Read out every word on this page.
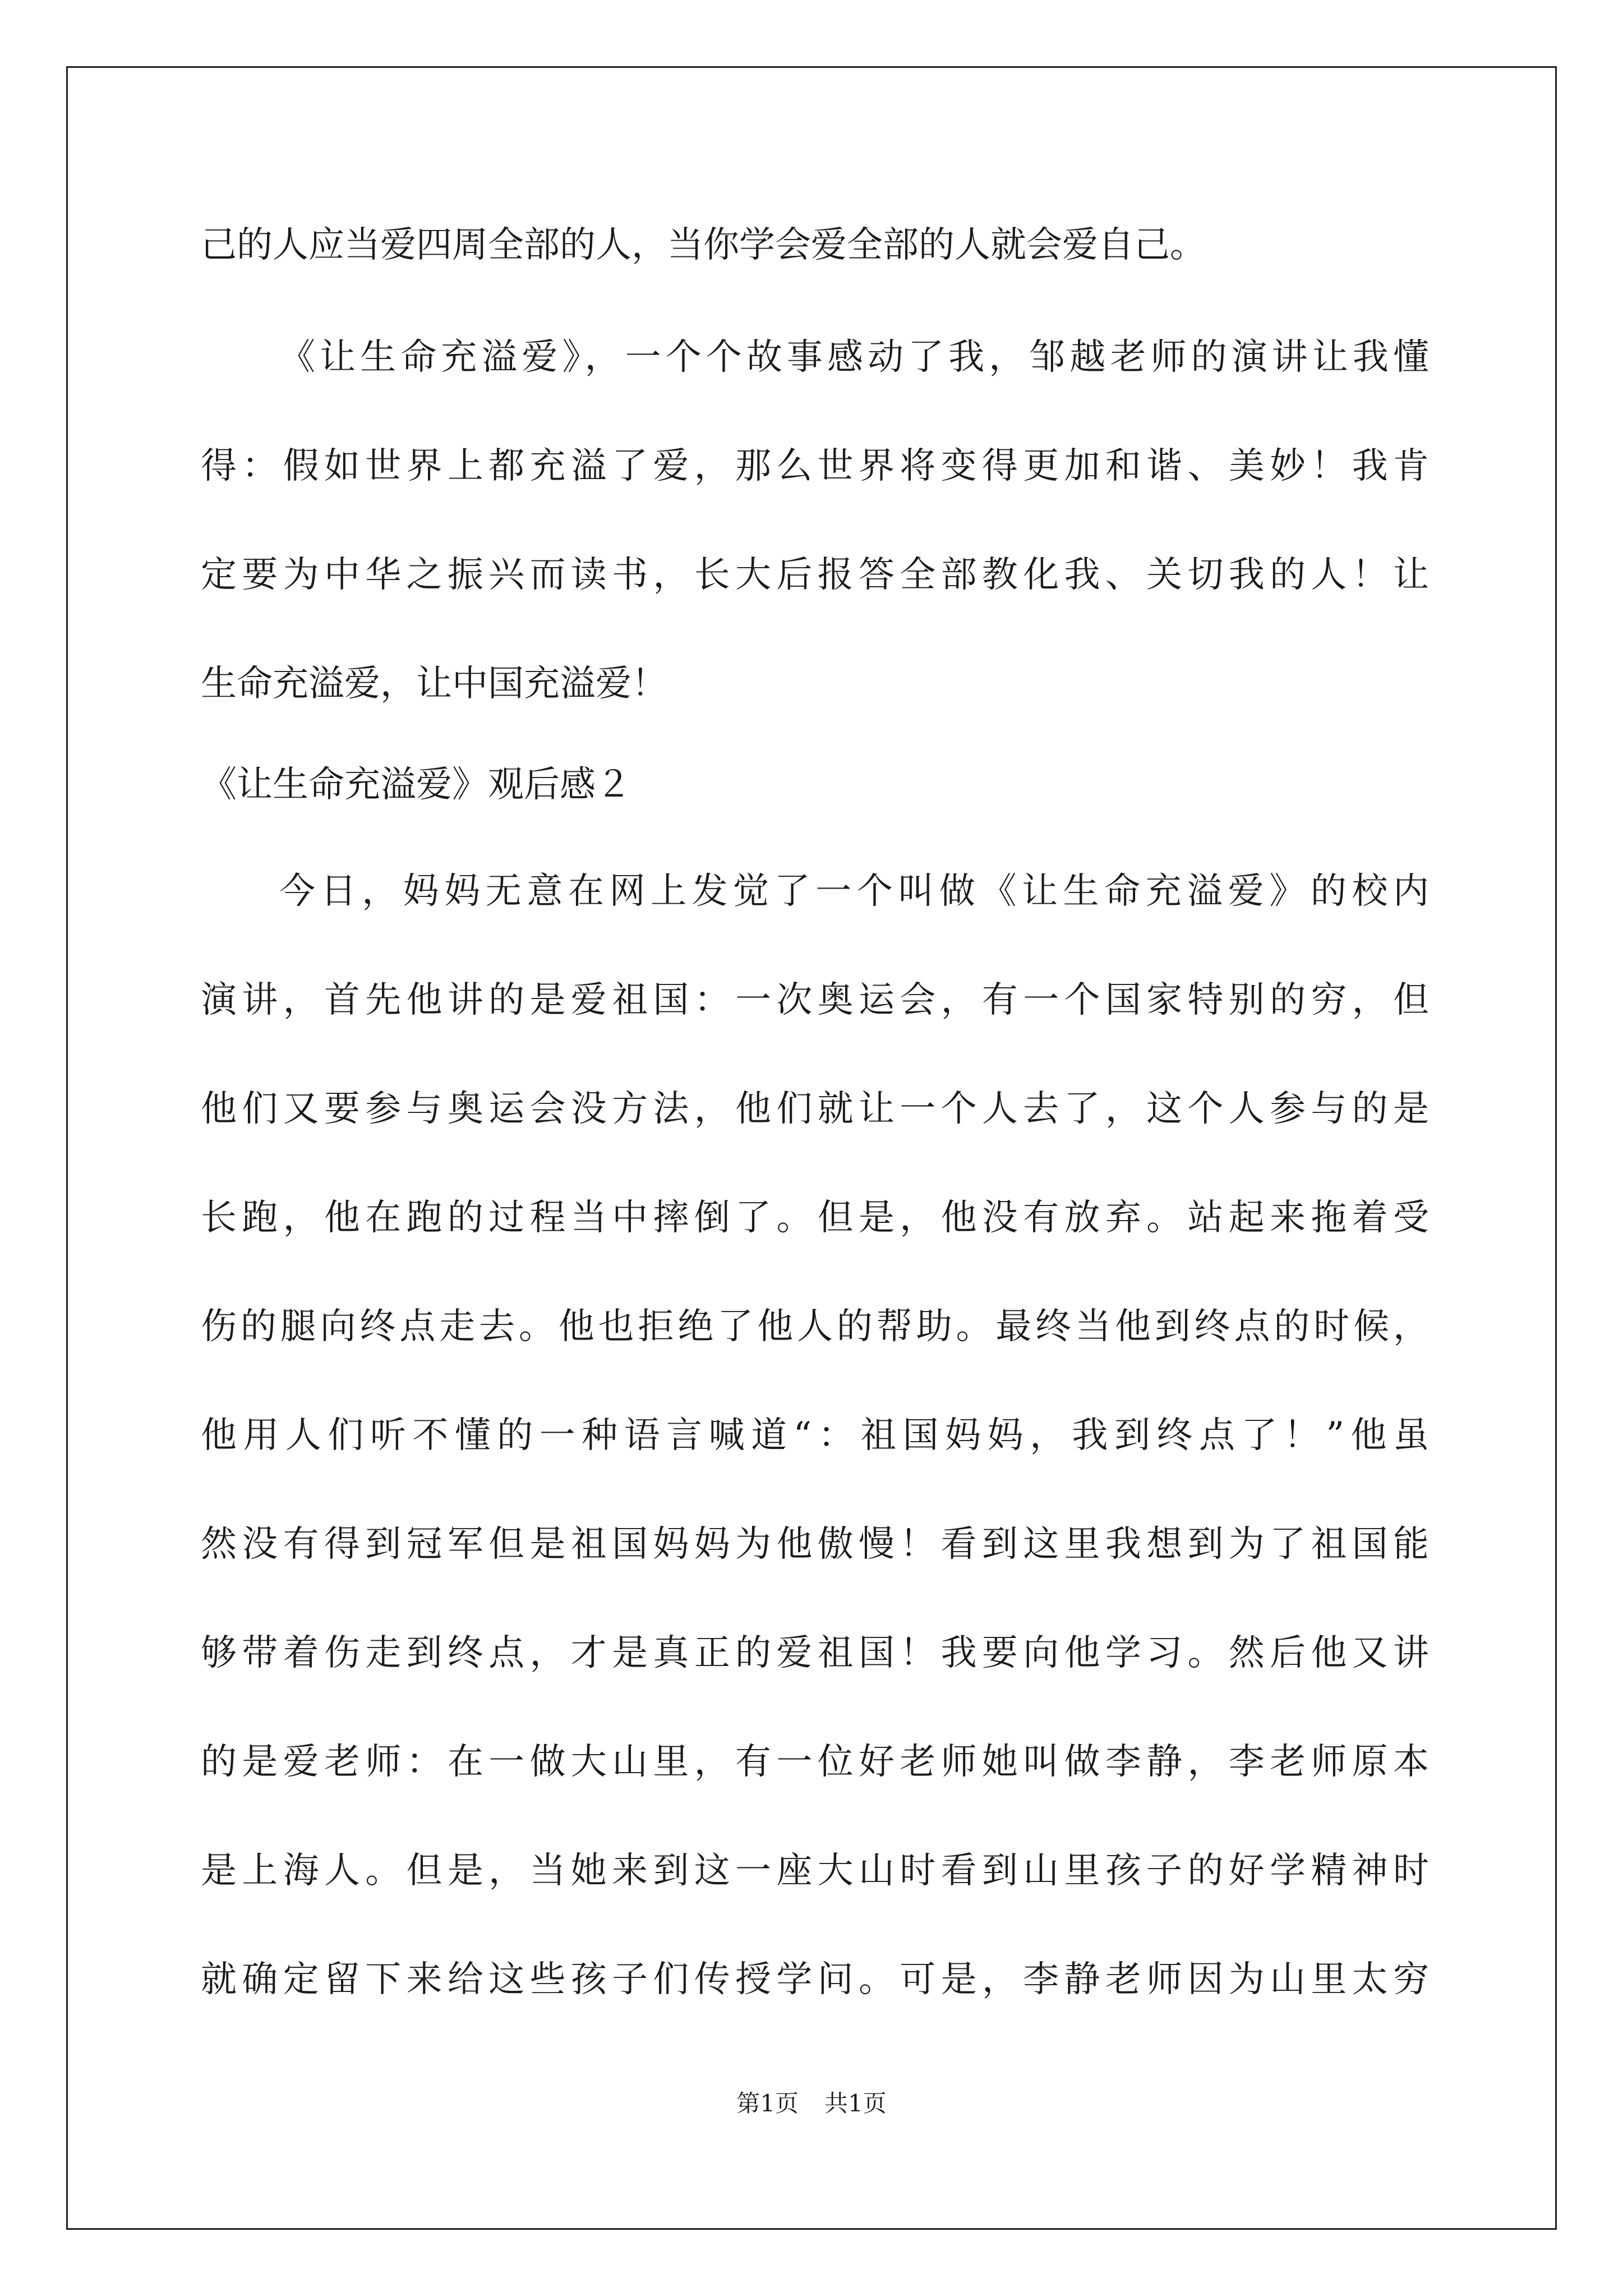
己的人应当爱四周全部的人，当你学会爱全部的人就会爱自己。
《让生命充溢爱》，一个个故事感动了我，邹越老师的演讲让我懂
得：假如世界上都充溢了爱，那么世界将变得更加和谐、美妙！我肯
定要为中华之振兴而读书，长大后报答全部教化我、关切我的人！让
生命充溢爱，让中国充溢爱！
《让生命充溢爱》观后感２
今日，妈妈无意在网上发觉了一个叫做《让生命充溢爱》的校内
演讲，首先他讲的是爱祖国：一次奥运会，有一个国家特别的穷，但
他们又要参与奥运会没方法，他们就让一个人去了，这个人参与的是
长跑，他在跑的过程当中摔倒了。但是，他没有放弃。站起来拖着受
伤的腿向终点走去。他也拒绝了他人的帮助。最终当他到终点的时候，
他用人们听不懂的一种语言喊道“：祖国妈妈，我到终点了！”他虽
然没有得到冠军但是祖国妈妈为他傲慢！看到这里我想到为了祖国能
够带着伤走到终点，才是真正的爱祖国！我要向他学习。然后他又讲
的是爱老师：在一做大山里，有一位好老师她叫做李静，李老师原本
是上海人。但是，当她来到这一座大山时看到山里孩子的好学精神时
就确定留下来给这些孩子们传授学问。可是，李静老师因为山里太穷
第1页 共1页
